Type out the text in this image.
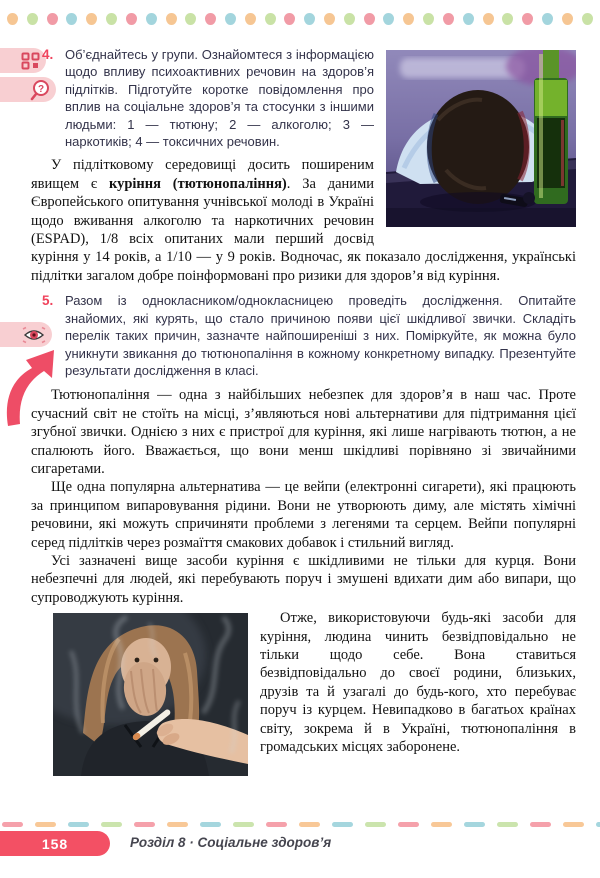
?
4. Об’єднайтесь у групи. Ознайомтеся з інформацією щодо впливу психоактивних речовин на здоров’я підлітків. Підготуйте коротке повідомлення про вплив на соціальне здоров’я та стосунки з іншими людьми: 1 — тютюну; 2 — алкоголю; 3 — наркотиків; 4 — токсичних речовин.

У підлітковому середовищі досить поширеним явищем є куріння (тютюнопаління). За даними Європейського опитування учнівської молоді в Україні щодо вживання алкоголю та наркотичних речовин (ESPAD), 1/8 всіх опитаних мали перший досвід куріння у 14 років, а 1/10 — у 9 років. Водночас, як показало дослідження, українські підлітки загалом добре поінформовані про ризики для здоров’я від куріння.

5. Разом із однокласником/однокласницею проведіть дослідження. Опитайте знайомих, які курять, що стало причиною появи цієї шкідливої звички. Складіть перелік таких причин, зазначте найпоширеніші з них. Поміркуйте, як можна було уникнути звикання до тютюнопаління в кожному конкретному випадку. Презентуйте результати дослідження в класі.

Тютюнопаління — одна з найбільших небезпек для здоров’я в наш час. Проте сучасний світ не стоїть на місці, з’являються нові альтернативи для підтримання цієї згубної звички. Однією з них є пристрої для куріння, які лише нагрівають тютюн, а не спалюють його. Вважається, що вони менш шкідливі порівняно зі звичайними сигаретами.

Ще одна популярна альтернатива — це вейпи (електронні сигарети), які працюють за принципом випаровування рідини. Вони не утворюють диму, але містять хімічні речовини, які можуть спричиняти проблеми з легенями та серцем. Вейпи популярні серед підлітків через розмаїття смакових добавок і стильний вигляд.

Усі зазначені вище засоби куріння є шкідливими не тільки для курця. Вони небезпечні для людей, які перебувають поруч і змушені вдихати дим або випари, що супроводжують куріння.

Отже, використовуючи будь-які засоби для куріння, людина чинить безвідповідально не тільки щодо себе. Вона ставиться безвідповідально до своєї родини, близьких, друзів та й узагалі до будь-кого, хто перебуває поруч із курцем. Невипадково в багатьох країнах світу, зокрема й в Україні, тютюнопаління в громадських місцях заборонене.

158	Розділ 8 · Соціальне здоров’я
